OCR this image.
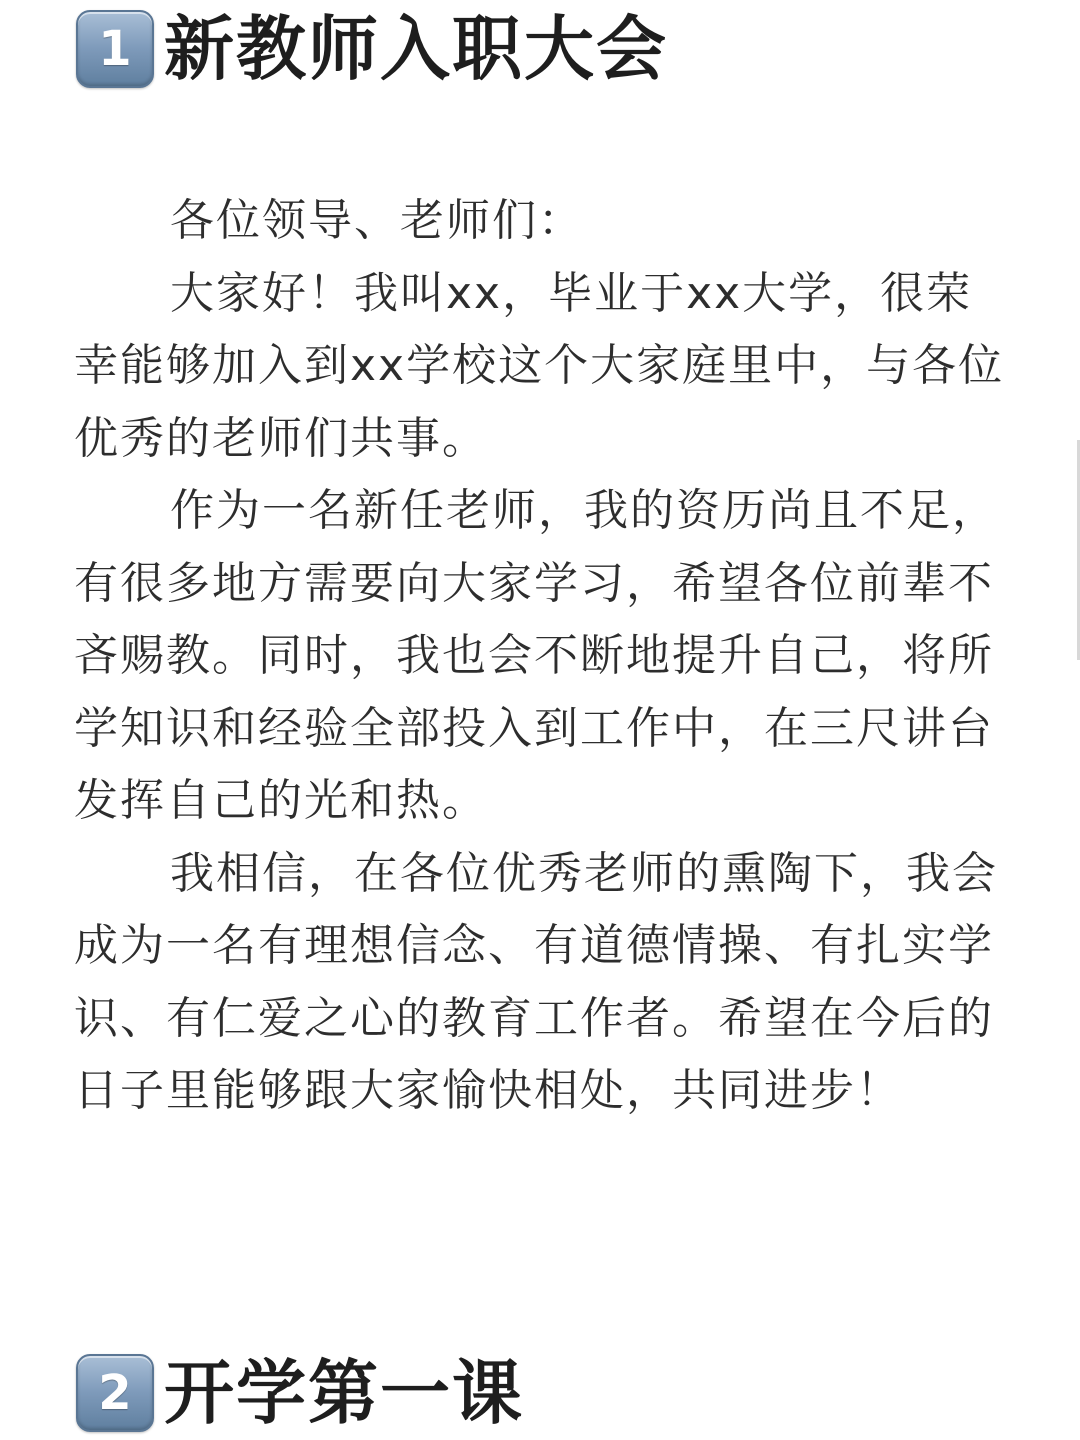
1 新教师入职大会

各位领导、老师们：

大家好！我叫xx，毕业于xx大学，很荣幸能够加入到xx学校这个大家庭里中，与各位优秀的老师们共事。

作为一名新任老师，我的资历尚且不足，有很多地方需要向大家学习，希望各位前辈不吝赐教。同时，我也会不断地提升自己，将所学知识和经验全部投入到工作中，在三尺讲台发挥自己的光和热。

我相信，在各位优秀老师的熏陶下，我会成为一名有理想信念、有道德情操、有扎实学识、有仁爱之心的教育工作者。希望在今后的日子里能够跟大家愉快相处，共同进步！

2 开学第一课
